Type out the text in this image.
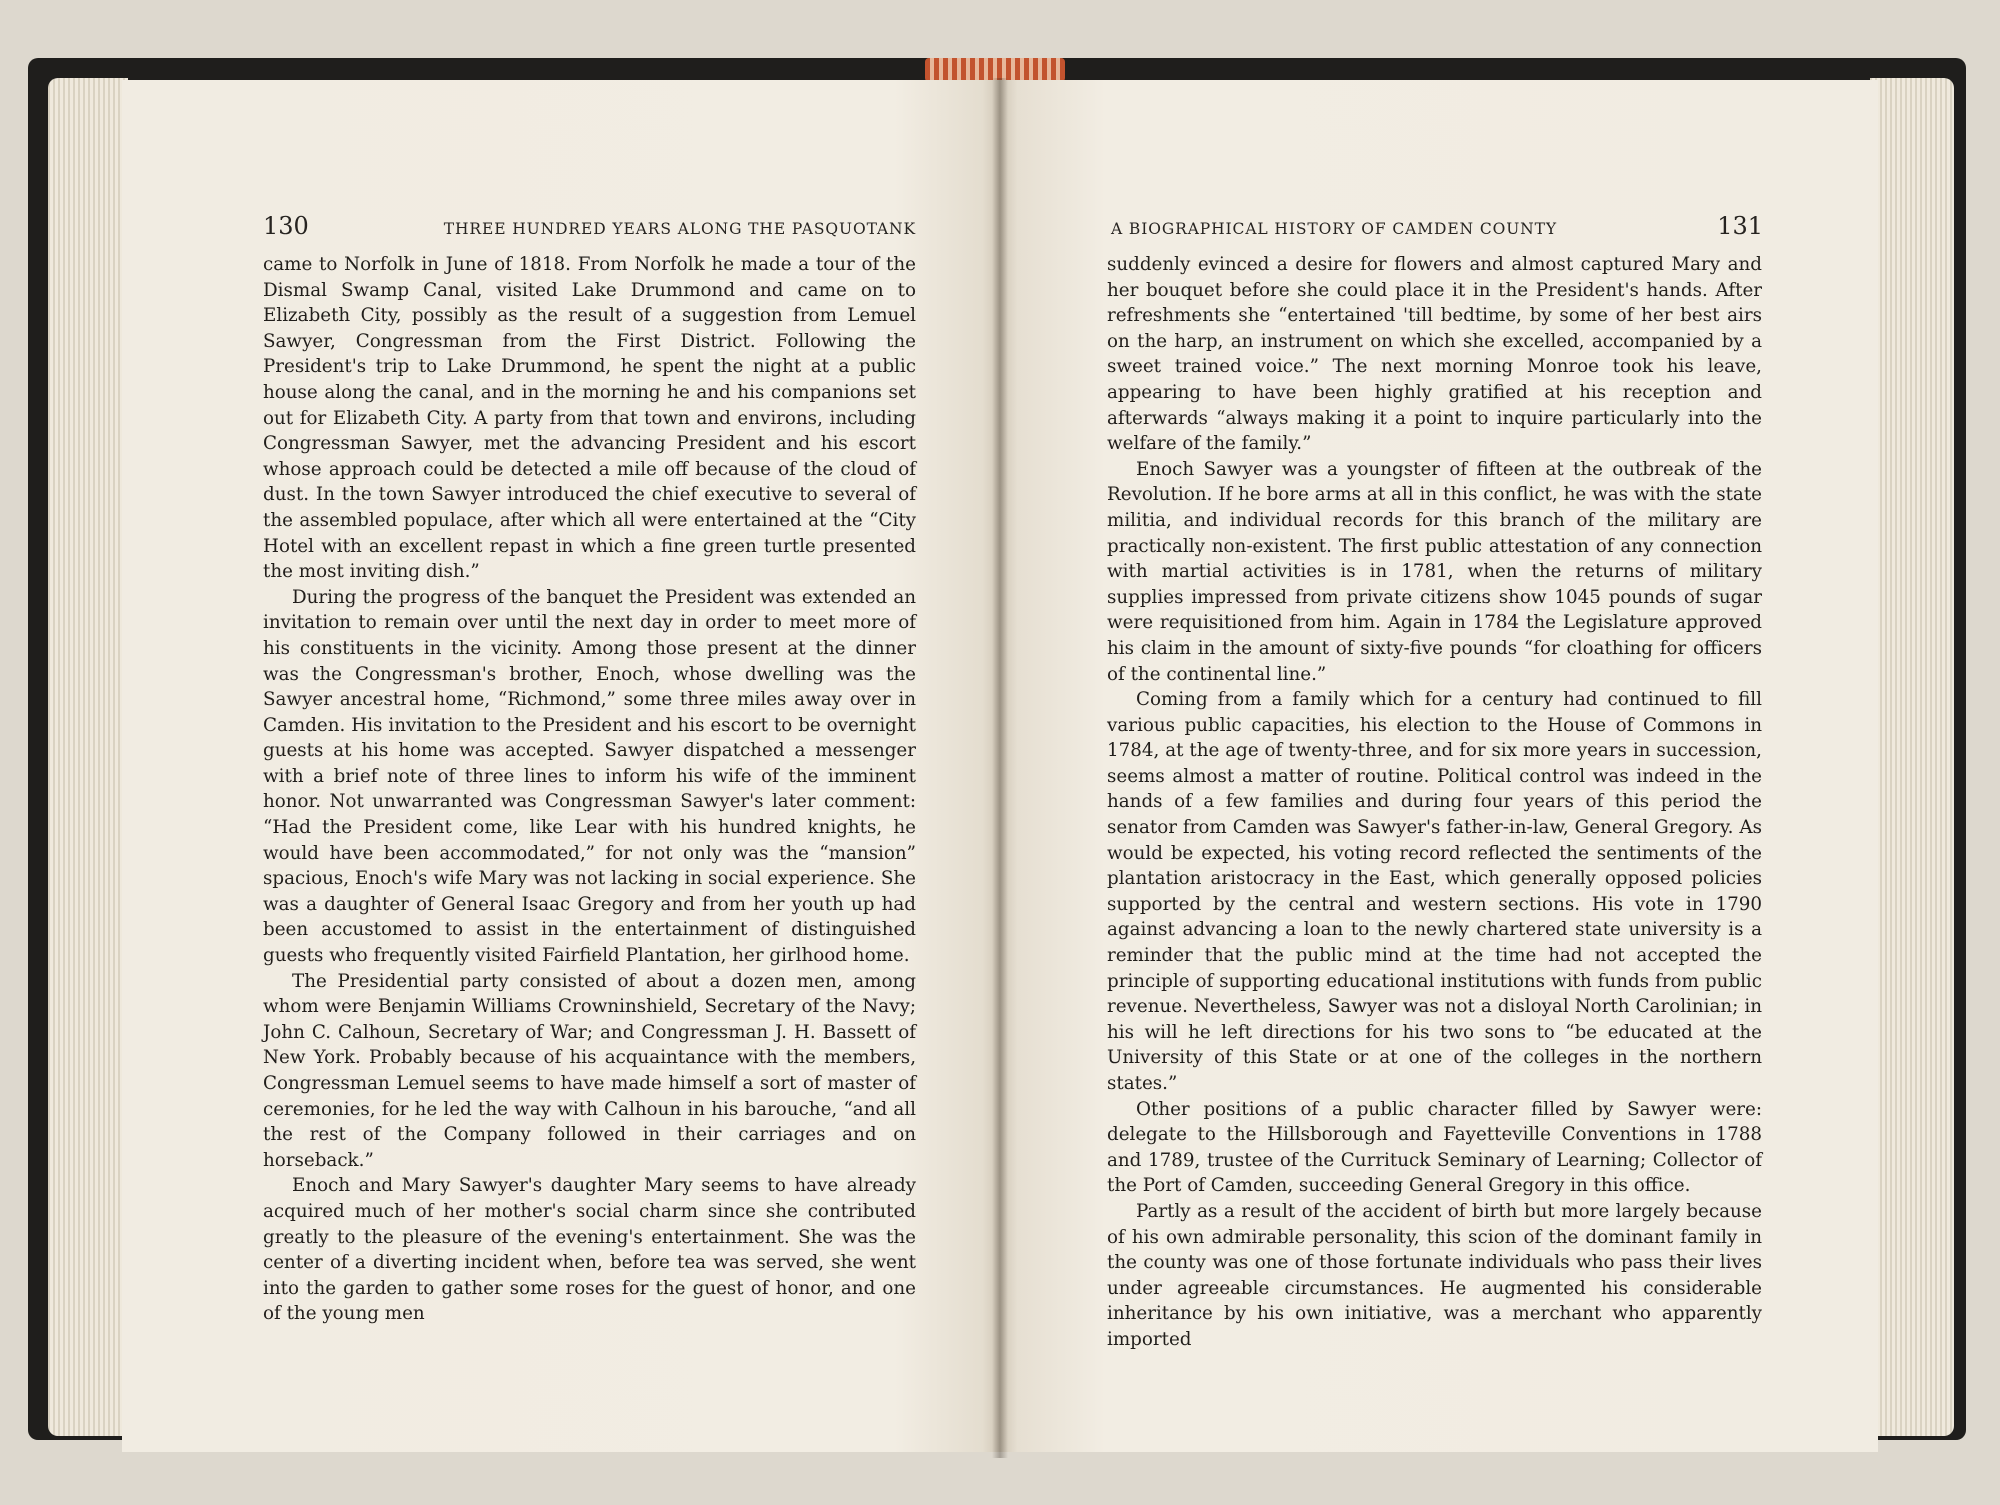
130	THREE HUNDRED YEARS ALONG THE PASQUOTANK

came to Norfolk in June of 1818. From Norfolk he made a tour of the Dismal Swamp Canal, visited Lake Drummond and came on to Elizabeth City, possibly as the result of a suggestion from Lemuel Sawyer, Congressman from the First District. Following the President's trip to Lake Drummond, he spent the night at a public house along the canal, and in the morning he and his companions set out for Elizabeth City. A party from that town and environs, including Congressman Sawyer, met the advancing President and his escort whose approach could be detected a mile off because of the cloud of dust. In the town Sawyer introduced the chief executive to several of the assembled populace, after which all were entertained at the “City Hotel with an excellent repast in which a fine green turtle presented the most inviting dish.”

During the progress of the banquet the President was extended an invitation to remain over until the next day in order to meet more of his constituents in the vicinity. Among those present at the dinner was the Congressman's brother, Enoch, whose dwelling was the Sawyer ancestral home, “Richmond,” some three miles away over in Camden. His invitation to the President and his escort to be overnight guests at his home was accepted. Sawyer dispatched a messenger with a brief note of three lines to inform his wife of the imminent honor. Not unwarranted was Congressman Sawyer's later comment: “Had the President come, like Lear with his hundred knights, he would have been accommodated,” for not only was the “mansion” spacious, Enoch's wife Mary was not lacking in social experience. She was a daughter of General Isaac Gregory and from her youth up had been accustomed to assist in the entertainment of distinguished guests who frequently visited Fairfield Plantation, her girlhood home.

The Presidential party consisted of about a dozen men, among whom were Benjamin Williams Crowninshield, Secretary of the Navy; John C. Calhoun, Secretary of War; and Congressman J. H. Bassett of New York. Probably because of his acquaintance with the members, Congressman Lemuel seems to have made himself a sort of master of ceremonies, for he led the way with Calhoun in his barouche, “and all the rest of the Company followed in their carriages and on horseback.”

Enoch and Mary Sawyer's daughter Mary seems to have already acquired much of her mother's social charm since she contributed greatly to the pleasure of the evening's entertainment. She was the center of a diverting incident when, before tea was served, she went into the garden to gather some roses for the guest of honor, and one of the young men

A BIOGRAPHICAL HISTORY OF CAMDEN COUNTY	131

suddenly evinced a desire for flowers and almost captured Mary and her bouquet before she could place it in the President's hands. After refreshments she “entertained 'till bedtime, by some of her best airs on the harp, an instrument on which she excelled, accompanied by a sweet trained voice.” The next morning Monroe took his leave, appearing to have been highly gratified at his reception and afterwards “always making it a point to inquire particularly into the welfare of the family.”

Enoch Sawyer was a youngster of fifteen at the outbreak of the Revolution. If he bore arms at all in this conflict, he was with the state militia, and individual records for this branch of the military are practically non-existent. The first public attestation of any connection with martial activities is in 1781, when the returns of military supplies impressed from private citizens show 1045 pounds of sugar were requisitioned from him. Again in 1784 the Legislature approved his claim in the amount of sixty-five pounds “for cloathing for officers of the continental line.”

Coming from a family which for a century had continued to fill various public capacities, his election to the House of Commons in 1784, at the age of twenty-three, and for six more years in succession, seems almost a matter of routine. Political control was indeed in the hands of a few families and during four years of this period the senator from Camden was Sawyer's father-in-law, General Gregory. As would be expected, his voting record reflected the sentiments of the plantation aristocracy in the East, which generally opposed policies supported by the central and western sections. His vote in 1790 against advancing a loan to the newly chartered state university is a reminder that the public mind at the time had not accepted the principle of supporting educational institutions with funds from public revenue. Nevertheless, Sawyer was not a disloyal North Carolinian; in his will he left directions for his two sons to “be educated at the University of this State or at one of the colleges in the northern states.”

Other positions of a public character filled by Sawyer were: delegate to the Hillsborough and Fayetteville Conventions in 1788 and 1789, trustee of the Currituck Seminary of Learning; Collector of the Port of Camden, succeeding General Gregory in this office.

Partly as a result of the accident of birth but more largely because of his own admirable personality, this scion of the dominant family in the county was one of those fortunate individuals who pass their lives under agreeable circumstances. He augmented his considerable inheritance by his own initiative, was a merchant who apparently imported
